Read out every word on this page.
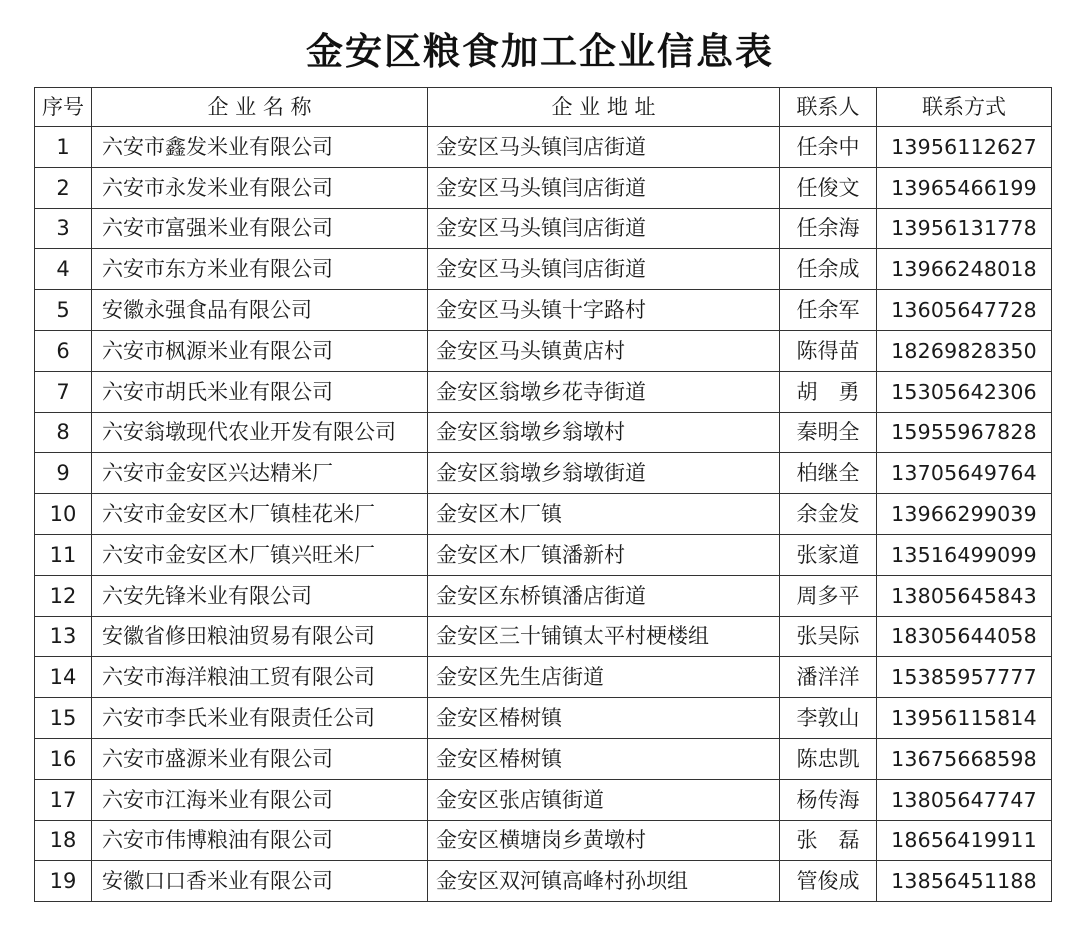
金安区粮食加工企业信息表
序号	企 业 名 称	企 业 地 址	联系人	联系方式
1	六安市鑫发米业有限公司	金安区马头镇闫店街道	任余中	13956112627
2	六安市永发米业有限公司	金安区马头镇闫店街道	任俊文	13965466199
3	六安市富强米业有限公司	金安区马头镇闫店街道	任余海	13956131778
4	六安市东方米业有限公司	金安区马头镇闫店街道	任余成	13966248018
5	安徽永强食品有限公司	金安区马头镇十字路村	任余军	13605647728
6	六安市枫源米业有限公司	金安区马头镇黄店村	陈得苗	18269828350
7	六安市胡氏米业有限公司	金安区翁墩乡花寺街道	胡　勇	15305642306
8	六安翁墩现代农业开发有限公司	金安区翁墩乡翁墩村	秦明全	15955967828
9	六安市金安区兴达精米厂	金安区翁墩乡翁墩街道	柏继全	13705649764
10	六安市金安区木厂镇桂花米厂	金安区木厂镇	余金发	13966299039
11	六安市金安区木厂镇兴旺米厂	金安区木厂镇潘新村	张家道	13516499099
12	六安先锋米业有限公司	金安区东桥镇潘店街道	周多平	13805645843
13	安徽省修田粮油贸易有限公司	金安区三十铺镇太平村梗楼组	张吴际	18305644058
14	六安市海洋粮油工贸有限公司	金安区先生店街道	潘洋洋	15385957777
15	六安市李氏米业有限责任公司	金安区椿树镇	李敦山	13956115814
16	六安市盛源米业有限公司	金安区椿树镇	陈忠凯	13675668598
17	六安市江海米业有限公司	金安区张店镇街道	杨传海	13805647747
18	六安市伟博粮油有限公司	金安区横塘岗乡黄墩村	张　磊	18656419911
19	安徽口口香米业有限公司	金安区双河镇高峰村孙坝组	管俊成	13856451188
